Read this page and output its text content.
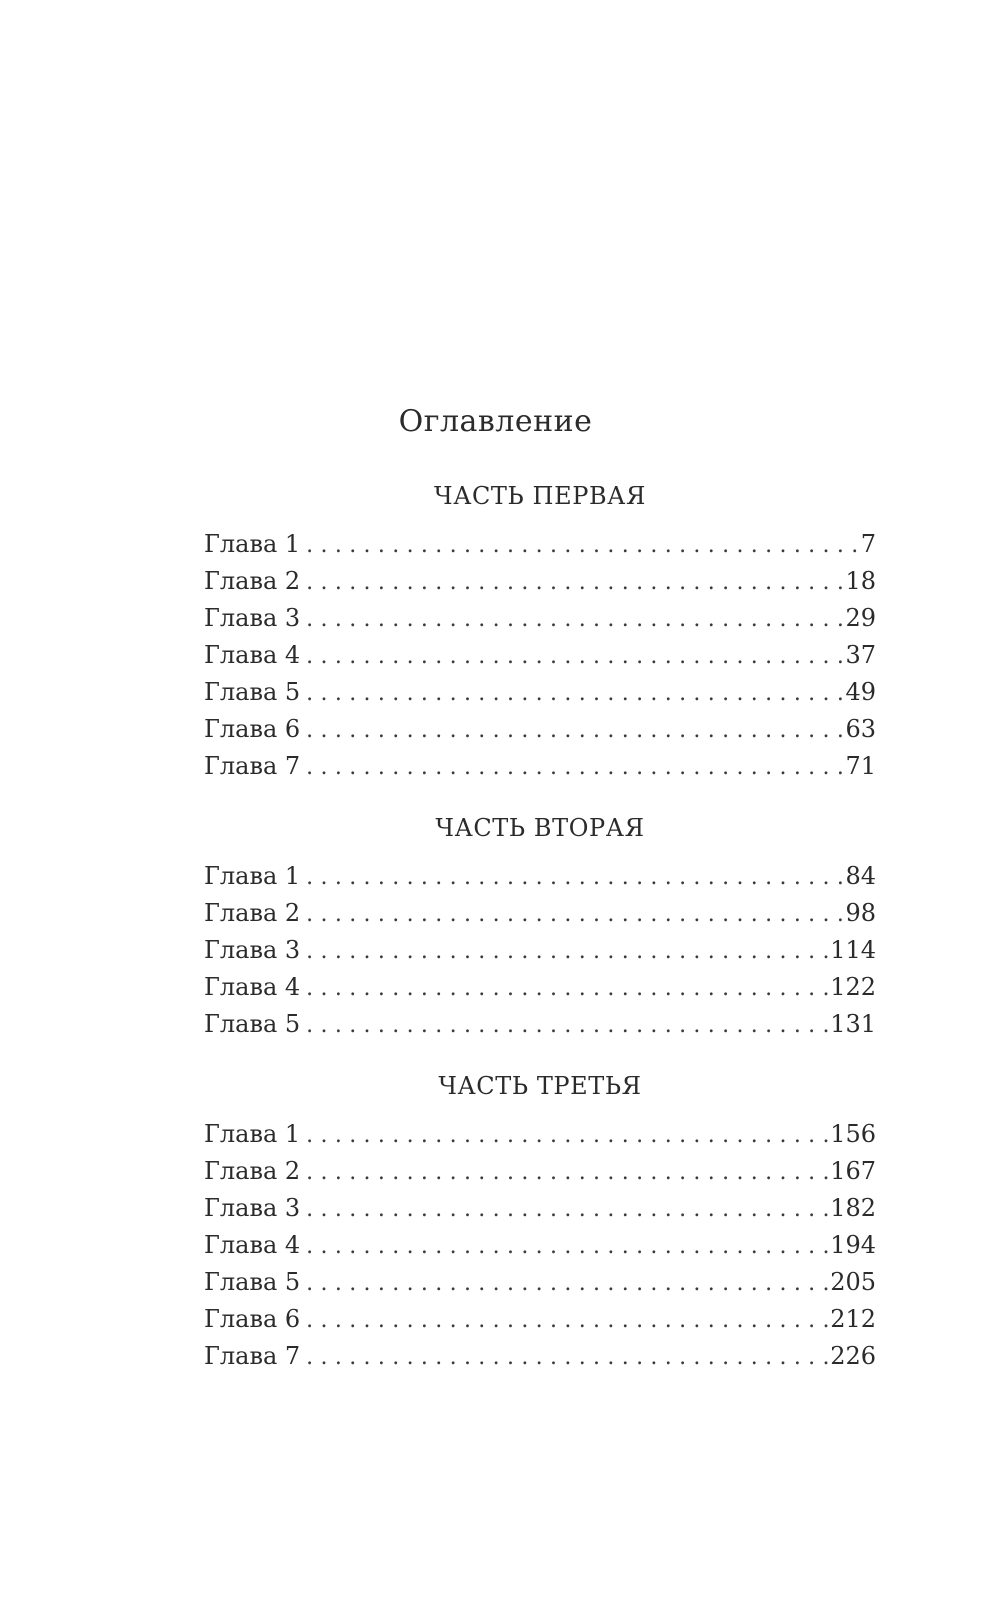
Оглавление
ЧАСТЬ ПЕРВАЯ
Глава 1 .....	7
Глава 2 .....	18
Глава 3 .....	29
Глава 4 .....	37
Глава 5 .....	49
Глава 6 .....	63
Глава 7 .....	71
ЧАСТЬ ВТОРАЯ
Глава 1 .....	84
Глава 2 .....	98
Глава 3 .....	114
Глава 4 .....	122
Глава 5 .....	131
ЧАСТЬ ТРЕТЬЯ
Глава 1 .....	156
Глава 2 .....	167
Глава 3 .....	182
Глава 4 .....	194
Глава 5 .....	205
Глава 6 .....	212
Глава 7 .....	226
